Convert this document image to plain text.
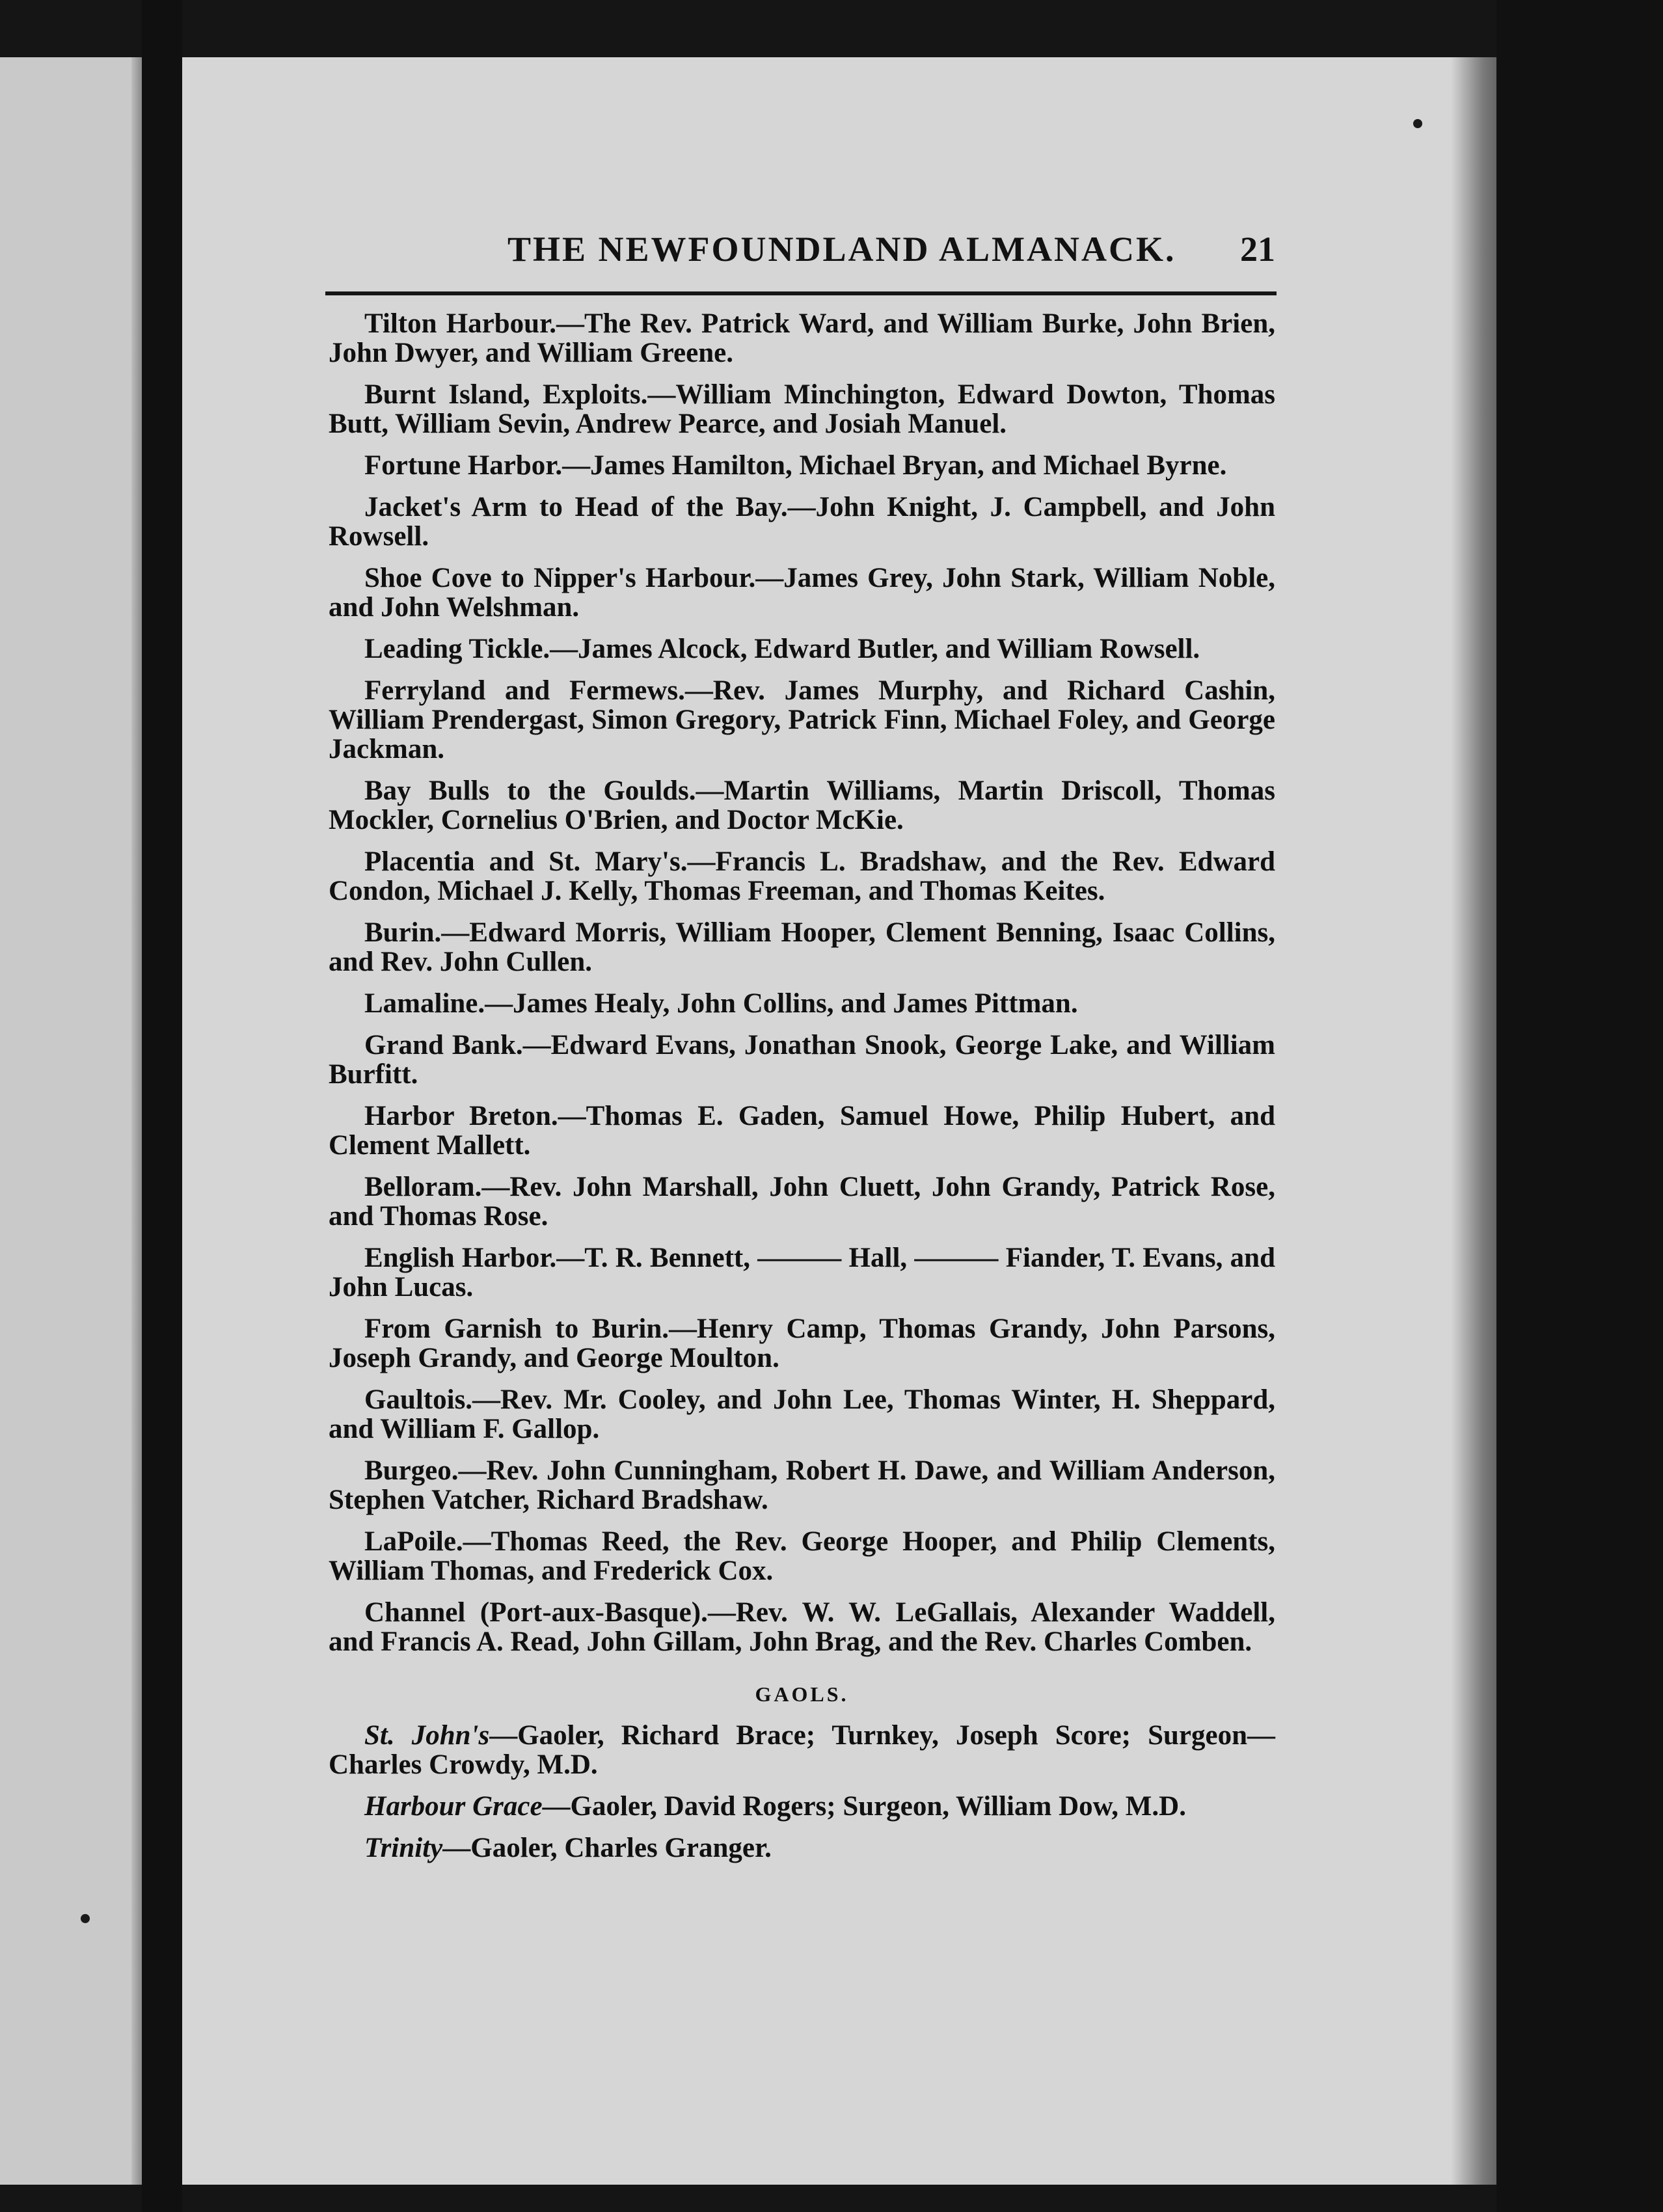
THE NEWFOUNDLAND ALMANACK. 21

Tilton Harbour.—The Rev. Patrick Ward, and William Burke, John Brien, John Dwyer, and William Greene.

Burnt Island, Exploits.—William Minchington, Edward Dowton, Thomas Butt, William Sevin, Andrew Pearce, and Josiah Manuel.

Fortune Harbor.—James Hamilton, Michael Bryan, and Michael Byrne.

Jacket's Arm to Head of the Bay.—John Knight, J. Campbell, and John Rowsell.

Shoe Cove to Nipper's Harbour.—James Grey, John Stark, William Noble, and John Welshman.

Leading Tickle.—James Alcock, Edward Butler, and William Rowsell.

Ferryland and Fermews.—Rev. James Murphy, and Richard Cashin, William Prendergast, Simon Gregory, Patrick Finn, Michael Foley, and George Jackman.

Bay Bulls to the Goulds.—Martin Williams, Martin Driscoll, Thomas Mockler, Cornelius O'Brien, and Doctor McKie.

Placentia and St. Mary's.—Francis L. Bradshaw, and the Rev. Edward Condon, Michael J. Kelly, Thomas Freeman, and Thomas Keites.

Burin.—Edward Morris, William Hooper, Clement Benning, Isaac Collins, and Rev. John Cullen.

Lamaline.—James Healy, John Collins, and James Pittman.

Grand Bank.—Edward Evans, Jonathan Snook, George Lake, and William Burfitt.

Harbor Breton.—Thomas E. Gaden, Samuel Howe, Philip Hubert, and Clement Mallett.

Belloram.—Rev. John Marshall, John Cluett, John Grandy, Patrick Rose, and Thomas Rose.

English Harbor.—T. R. Bennett, ——— Hall, ——— Fiander, T. Evans, and John Lucas.

From Garnish to Burin.—Henry Camp, Thomas Grandy, John Parsons, Joseph Grandy, and George Moulton.

Gaultois.—Rev. Mr. Cooley, and John Lee, Thomas Winter, H. Sheppard, and William F. Gallop.

Burgeo.—Rev. John Cunningham, Robert H. Dawe, and William Anderson, Stephen Vatcher, Richard Bradshaw.

LaPoile.—Thomas Reed, the Rev. George Hooper, and Philip Clements, William Thomas, and Frederick Cox.

Channel (Port-aux-Basque).—Rev. W. W. LeGallais, Alexander Waddell, and Francis A. Read, John Gillam, John Brag, and the Rev. Charles Comben.

GAOLS.

St. John's—Gaoler, Richard Brace; Turnkey, Joseph Score; Surgeon—Charles Crowdy, M.D.

Harbour Grace—Gaoler, David Rogers; Surgeon, William Dow, M.D.

Trinity—Gaoler, Charles Granger.
